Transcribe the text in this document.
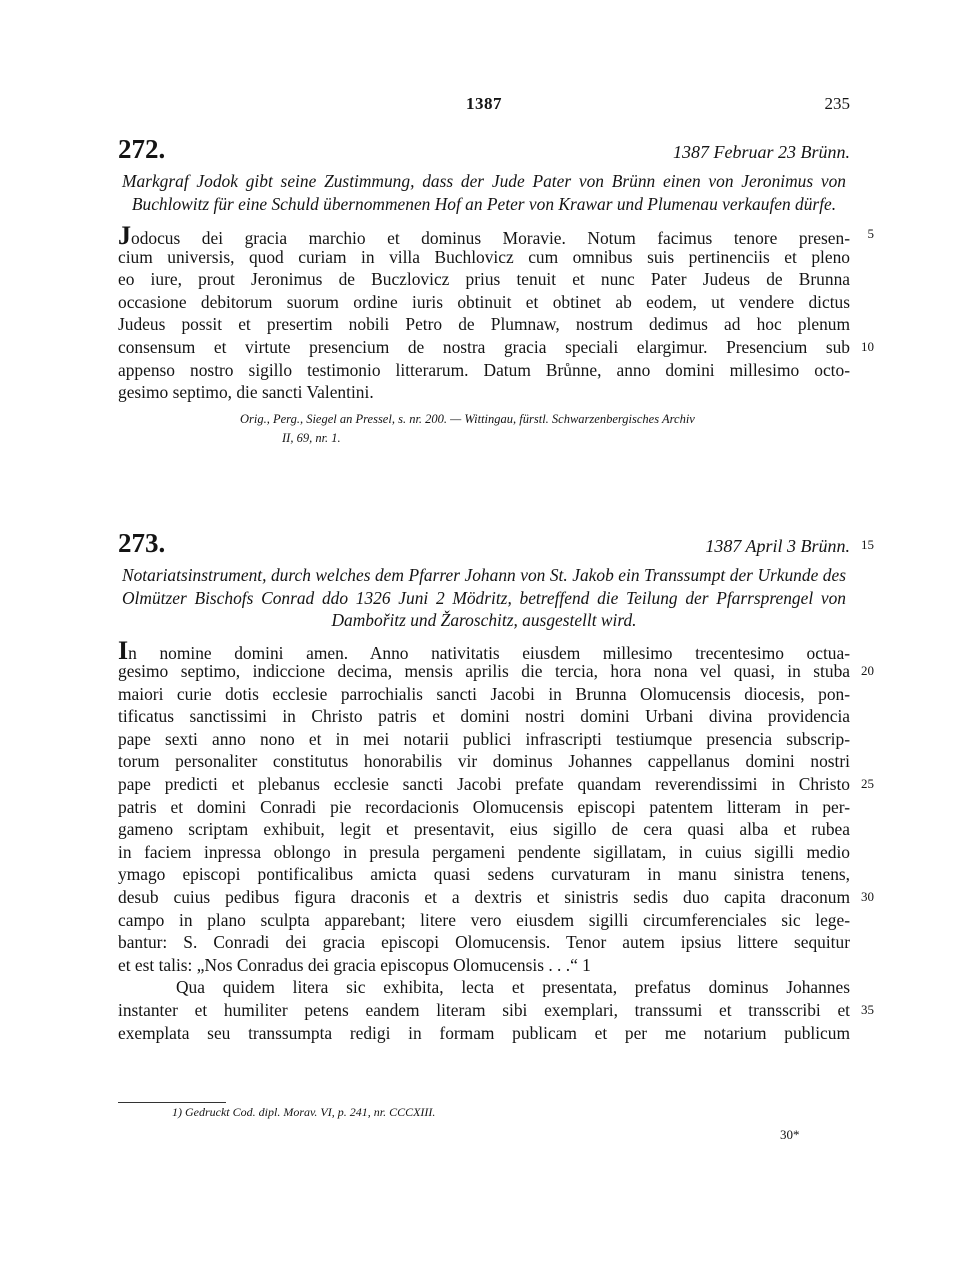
1387	235
272.	1387 Februar 23 Brünn.

Markgraf Jodok gibt seine Zustimmung, dass der Jude Pater von Brünn einen von Jeronimus von Buchlowitz für eine Schuld übernommenen Hof an Peter von Krawar und Plumenau verkaufen dürfe.

Jodocus dei gracia marchio et dominus Moravie. Notum facimus tenore presen- 5
cium universis, quod curiam in villa Buchlovicz cum omnibus suis pertinenciis et pleno
eo iure, prout Jeronimus de Buczlovicz prius tenuit et nunc Pater Judeus de Brunna
occasione debitorum suorum ordine iuris obtinuit et obtinet ab eodem, ut vendere dictus
Judeus possit et presertim nobili Petro de Plumnaw, nostrum dedimus ad hoc plenum
consensum et virtute presencium de nostra gracia speciali elargimur. Presencium sub 10
appenso nostro sigillo testimonio litterarum. Datum Brůnne, anno domini millesimo octo-
gesimo septimo, die sancti Valentini.
Orig., Perg., Siegel an Pressel, s. nr. 200. — Wittingau, fürstl. Schwarzenbergisches Archiv
II, 69, nr. 1.
273.	1387 April 3 Brünn. 15

Notariatsinstrument, durch welches dem Pfarrer Johann von St. Jakob ein Transsumpt der Urkunde des Olmützer Bischofs Conrad ddo 1326 Juni 2 Mödritz, betreffend die Teilung der Pfarrsprengel von Dambořitz und Žaroschitz, ausgestellt wird.

In nomine domini amen. Anno nativitatis eiusdem millesimo trecentesimo octua-
gesimo septimo, indiccione decima, mensis aprilis die tercia, hora nona vel quasi, in stuba 20
maiori curie dotis ecclesie parrochialis sancti Jacobi in Brunna Olomucensis diocesis, pon-
tificatus sanctissimi in Christo patris et domini nostri domini Urbani divina providencia
pape sexti anno nono et in mei notarii publici infrascripti testiumque presencia subscrip-
torum personaliter constitutus honorabilis vir dominus Johannes cappellanus domini nostri
pape predicti et plebanus ecclesie sancti Jacobi prefate quandam reverendissimi in Christo 25
patris et domini Conradi pie recordacionis Olomucensis episcopi patentem litteram in per-
gameno scriptam exhibuit, legit et presentavit, eius sigillo de cera quasi alba et rubea
in faciem inpressa oblongo in presula pergameni pendente sigillatam, in cuius sigilli medio
ymago episcopi pontificalibus amicta quasi sedens curvaturam in manu sinistra tenens,
desub cuius pedibus figura draconis et a dextris et sinistris sedis duo capita draconum 30
campo in plano sculpta apparebant; litere vero eiusdem sigilli circumferenciales sic lege-
bantur: S. Conradi dei gracia episcopi Olomucensis. Tenor autem ipsius littere sequitur
et est talis: „Nos Conradus dei gracia episcopus Olomucensis . . .“ 1
Qua quidem litera sic exhibita, lecta et presentata, prefatus dominus Johannes
instanter et humiliter petens eandem literam sibi exemplari, transsumi et transscribi et 35
exemplata seu transsumpta redigi in formam publicam et per me notarium publicum
1) Gedruckt Cod. dipl. Morav. VI, p. 241, nr. CCCXIII.
30*
